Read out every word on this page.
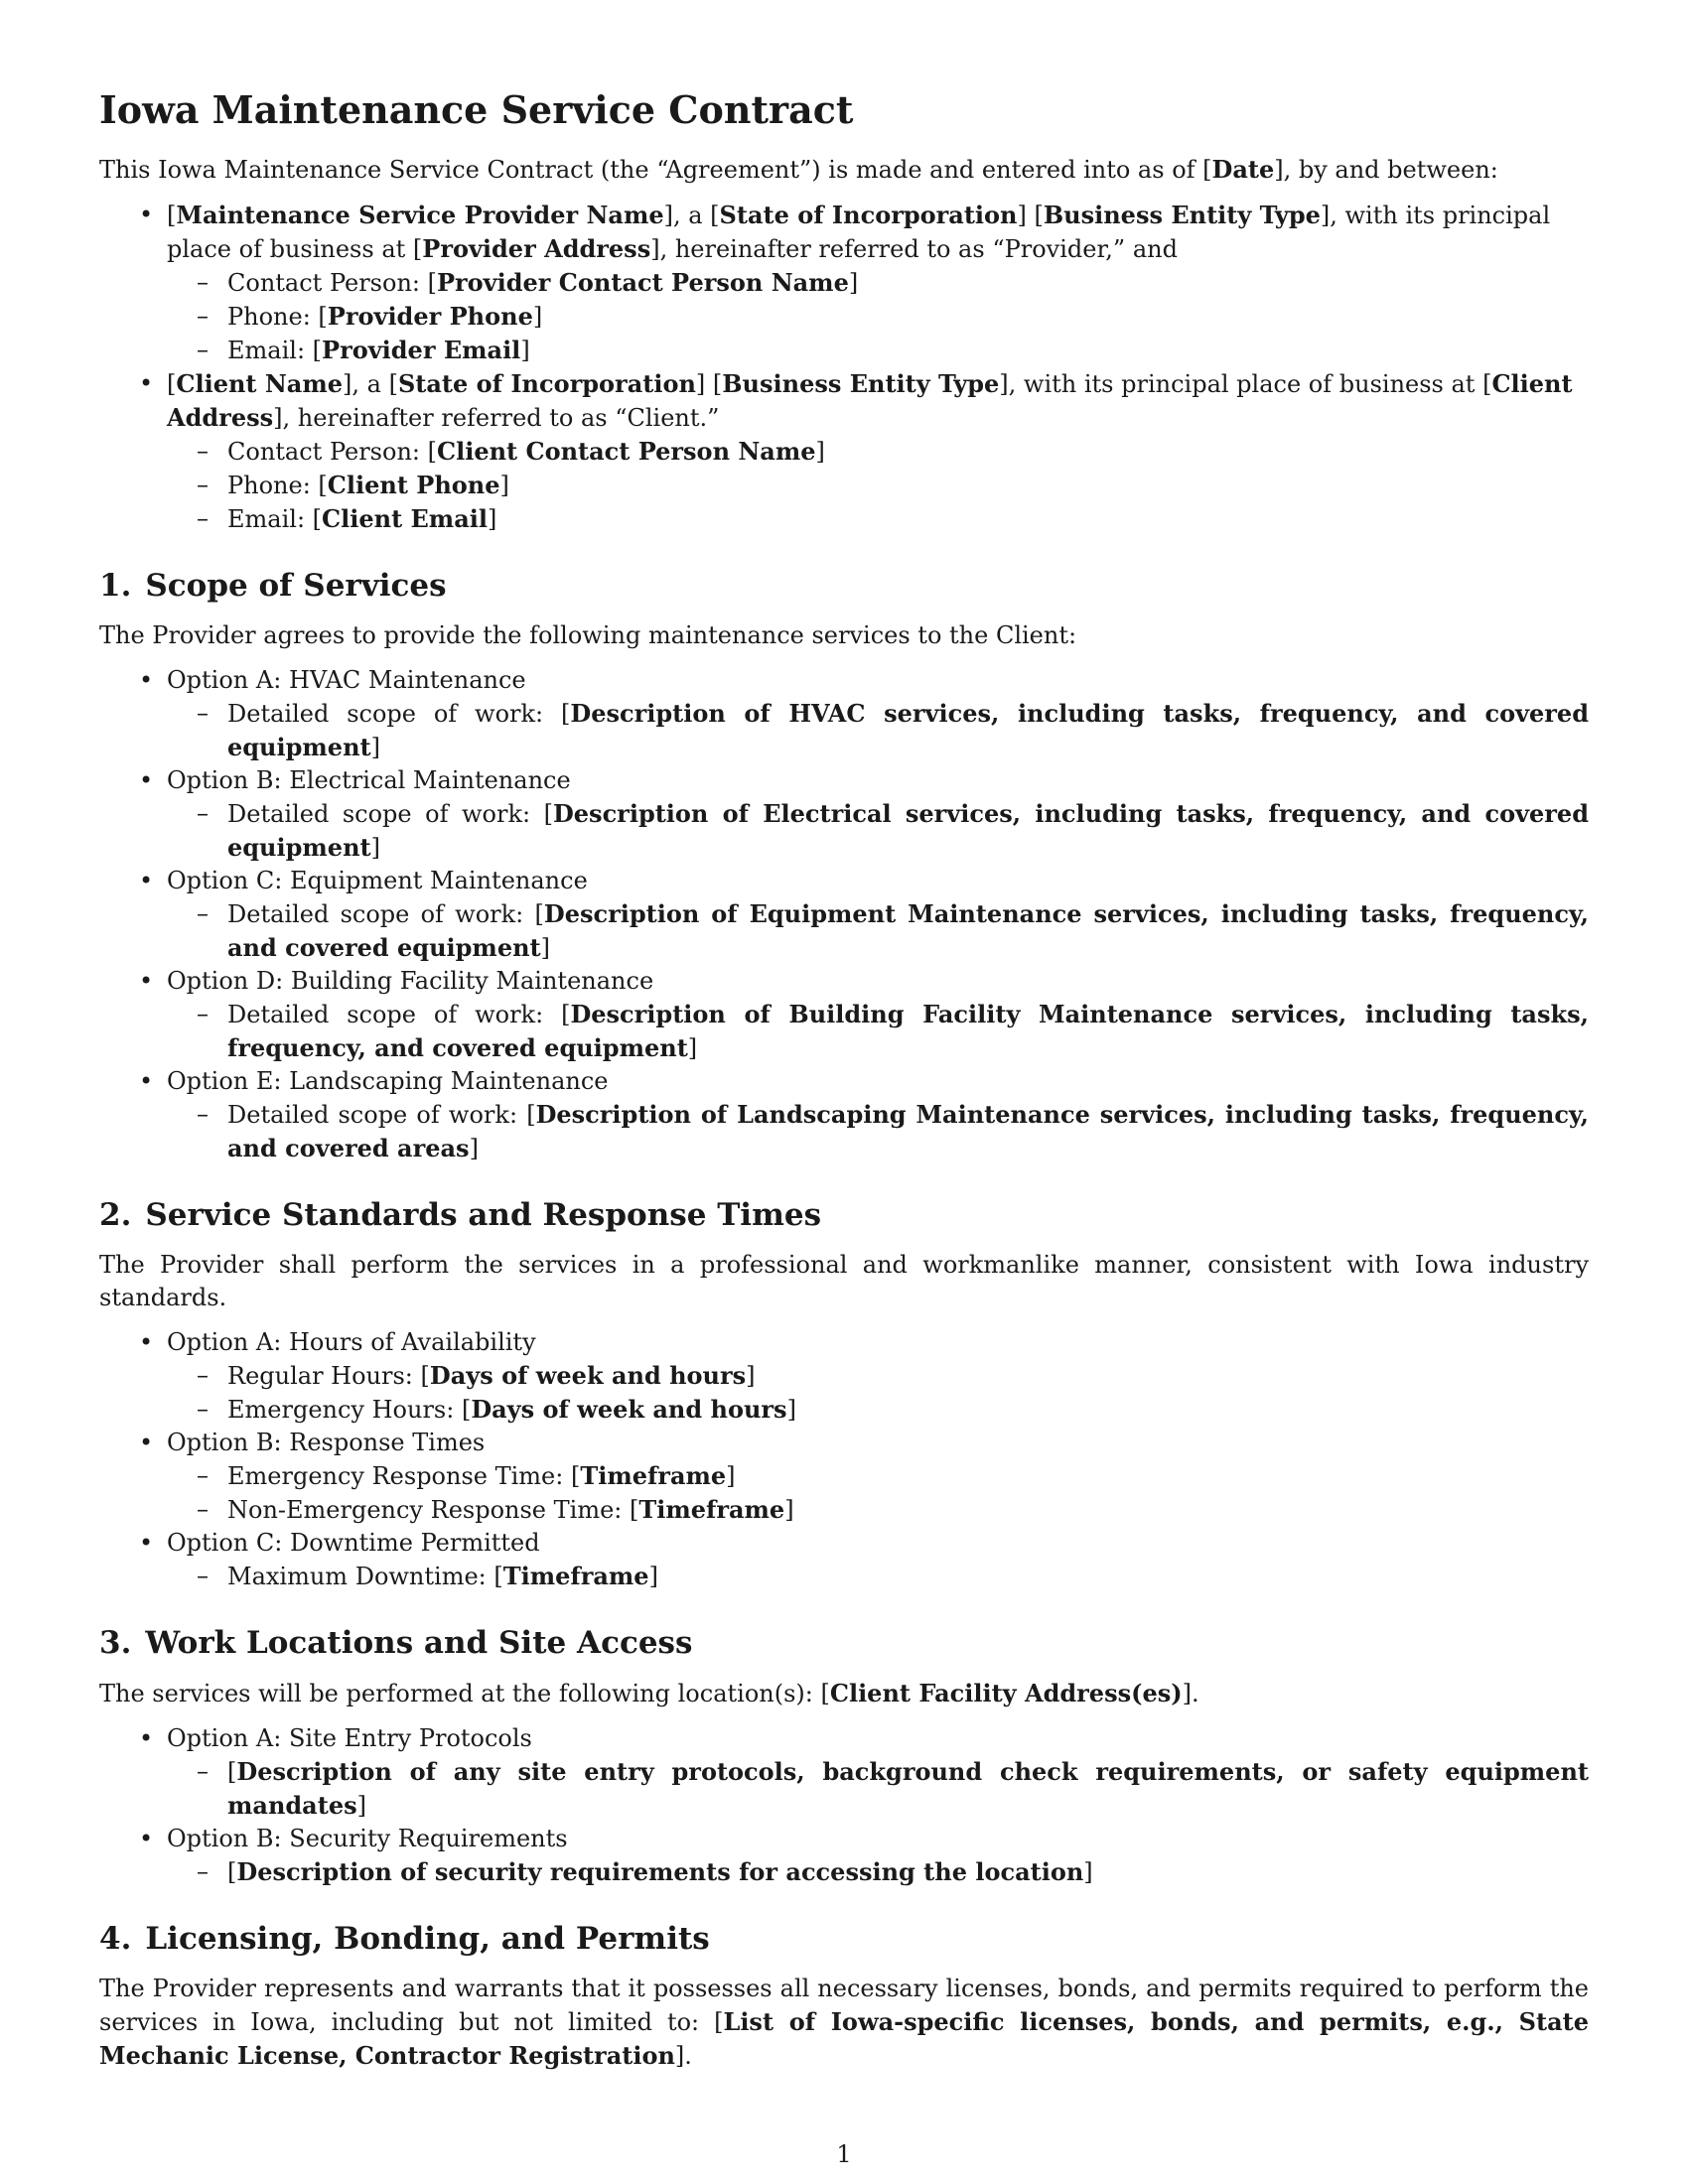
Iowa Maintenance Service Contract

This Iowa Maintenance Service Contract (the “Agreement”) is made and entered into as of [Date], by and between:

• [Maintenance Service Provider Name], a [State of Incorporation] [Business Entity Type], with its principal place of business at [Provider Address], hereinafter referred to as “Provider,” and
– Contact Person: [Provider Contact Person Name]
– Phone: [Provider Phone]
– Email: [Provider Email]
• [Client Name], a [State of Incorporation] [Business Entity Type], with its principal place of business at [Client Address], hereinafter referred to as “Client.”
– Contact Person: [Client Contact Person Name]
– Phone: [Client Phone]
– Email: [Client Email]
1. Scope of Services

The Provider agrees to provide the following maintenance services to the Client:

• Option A: HVAC Maintenance
– Detailed scope of work: [Description of HVAC services, including tasks, frequency, and covered equipment]
• Option B: Electrical Maintenance
– Detailed scope of work: [Description of Electrical services, including tasks, frequency, and covered equipment]
• Option C: Equipment Maintenance
– Detailed scope of work: [Description of Equipment Maintenance services, including tasks, frequency, and covered equipment]
• Option D: Building Facility Maintenance
– Detailed scope of work: [Description of Building Facility Maintenance services, including tasks, frequency, and covered equipment]
• Option E: Landscaping Maintenance
– Detailed scope of work: [Description of Landscaping Maintenance services, including tasks, frequency, and covered areas]
2. Service Standards and Response Times

The Provider shall perform the services in a professional and workmanlike manner, consistent with Iowa industry standards.

• Option A: Hours of Availability
– Regular Hours: [Days of week and hours]
– Emergency Hours: [Days of week and hours]
• Option B: Response Times
– Emergency Response Time: [Timeframe]
– Non-Emergency Response Time: [Timeframe]
• Option C: Downtime Permitted
– Maximum Downtime: [Timeframe]
3. Work Locations and Site Access

The services will be performed at the following location(s): [Client Facility Address(es)].

• Option A: Site Entry Protocols
– [Description of any site entry protocols, background check requirements, or safety equipment mandates]
• Option B: Security Requirements
– [Description of security requirements for accessing the location]
4. Licensing, Bonding, and Permits

The Provider represents and warrants that it possesses all necessary licenses, bonds, and permits required to perform the services in Iowa, including but not limited to: [List of Iowa-specific licenses, bonds, and permits, e.g., State Mechanic License, Contractor Registration].

1
